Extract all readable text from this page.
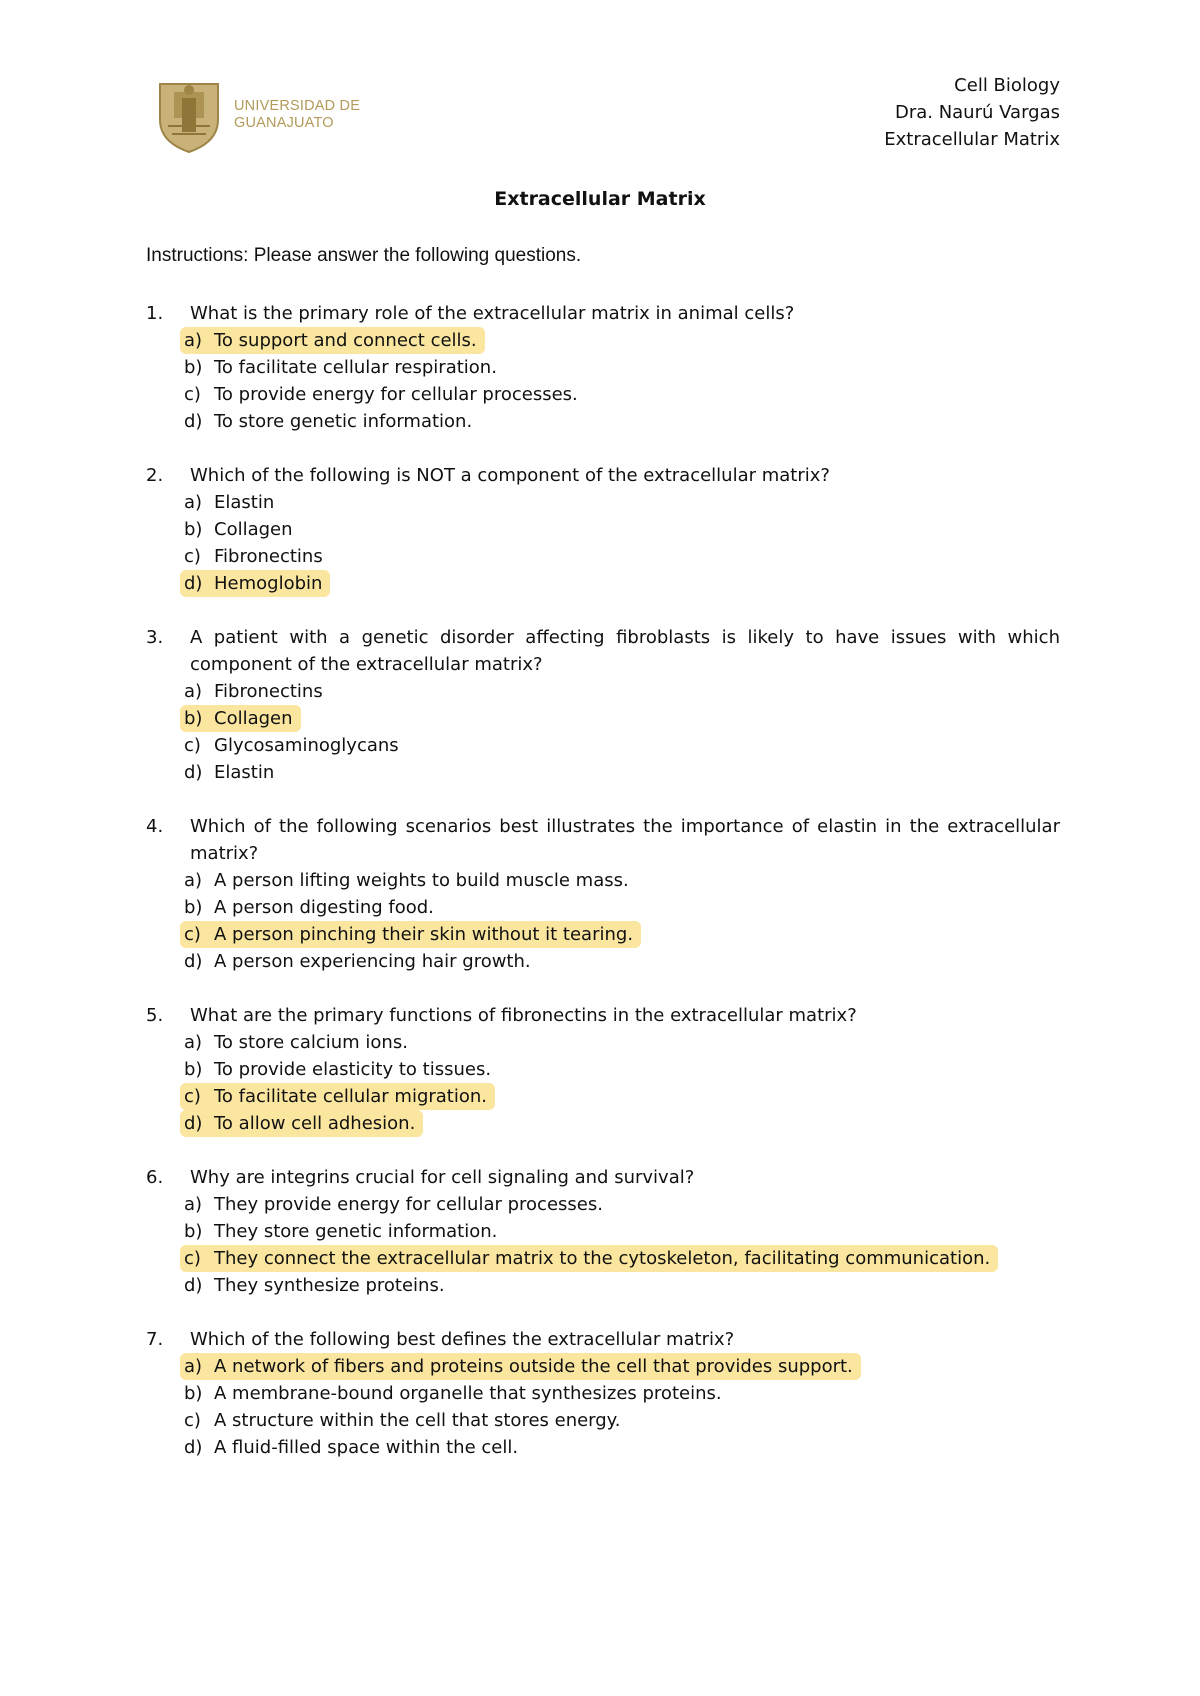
UNIVERSIDAD DE
GUANAJUATO
Cell Biology
Dra. Naurú Vargas
Extracellular Matrix
Extracellular Matrix
Instructions: Please answer the following questions.
1.	What is the primary role of the extracellular matrix in animal cells?
a) To support and connect cells.
b) To facilitate cellular respiration.
c) To provide energy for cellular processes.
d) To store genetic information.
2.	Which of the following is NOT a component of the extracellular matrix?
a) Elastin
b) Collagen
c) Fibronectins
d) Hemoglobin
3.	A patient with a genetic disorder affecting fibroblasts is likely to have issues with which component of the extracellular matrix?
a) Fibronectins
b) Collagen
c) Glycosaminoglycans
d) Elastin
4.	Which of the following scenarios best illustrates the importance of elastin in the extracellular matrix?
a) A person lifting weights to build muscle mass.
b) A person digesting food.
c) A person pinching their skin without it tearing.
d) A person experiencing hair growth.
5.	What are the primary functions of fibronectins in the extracellular matrix?
a) To store calcium ions.
b) To provide elasticity to tissues.
c) To facilitate cellular migration.
d) To allow cell adhesion.
6.	Why are integrins crucial for cell signaling and survival?
a) They provide energy for cellular processes.
b) They store genetic information.
c) They connect the extracellular matrix to the cytoskeleton, facilitating communication.
d) They synthesize proteins.
7.	Which of the following best defines the extracellular matrix?
a) A network of fibers and proteins outside the cell that provides support.
b) A membrane-bound organelle that synthesizes proteins.
c) A structure within the cell that stores energy.
d) A fluid-filled space within the cell.
